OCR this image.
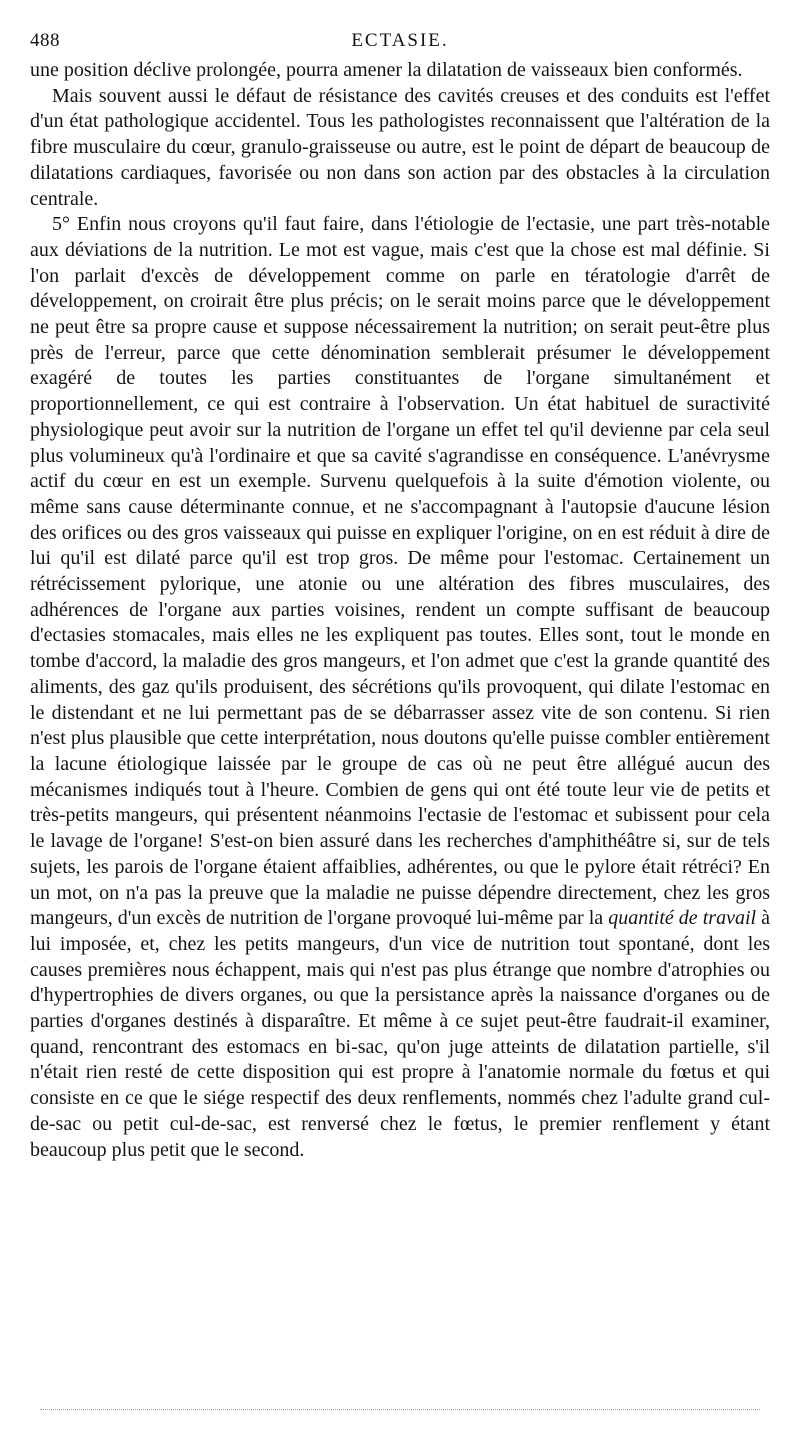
488	ECTASIE.

une position déclive prolongée, pourra amener la dilatation de vaisseaux bien conformés.

Mais souvent aussi le défaut de résistance des cavités creuses et des conduits est l'effet d'un état pathologique accidentel. Tous les pathologistes reconnaissent que l'altération de la fibre musculaire du cœur, granulo-graisseuse ou autre, est le point de départ de beaucoup de dilatations cardiaques, favorisée ou non dans son action par des obstacles à la circulation centrale.

5° Enfin nous croyons qu'il faut faire, dans l'étiologie de l'ectasie, une part très-notable aux déviations de la nutrition. Le mot est vague, mais c'est que la chose est mal définie. Si l'on parlait d'excès de développement comme on parle en tératologie d'arrêt de développement, on croirait être plus précis; on le serait moins parce que le développement ne peut être sa propre cause et suppose nécessairement la nutrition; on serait peut-être plus près de l'erreur, parce que cette dénomination semblerait présumer le développement exagéré de toutes les parties constituantes de l'organe simultanément et proportionnellement, ce qui est contraire à l'observation. Un état habituel de suractivité physiologique peut avoir sur la nutrition de l'organe un effet tel qu'il devienne par cela seul plus volumineux qu'à l'ordinaire et que sa cavité s'agrandisse en conséquence. L'anévrysme actif du cœur en est un exemple. Survenu quelquefois à la suite d'émotion violente, ou même sans cause déterminante connue, et ne s'accompagnant à l'autopsie d'aucune lésion des orifices ou des gros vaisseaux qui puisse en expliquer l'origine, on en est réduit à dire de lui qu'il est dilaté parce qu'il est trop gros. De même pour l'estomac. Certainement un rétrécissement pylorique, une atonie ou une altération des fibres musculaires, des adhérences de l'organe aux parties voisines, rendent un compte suffisant de beaucoup d'ectasies stomacales, mais elles ne les expliquent pas toutes. Elles sont, tout le monde en tombe d'accord, la maladie des gros mangeurs, et l'on admet que c'est la grande quantité des aliments, des gaz qu'ils produisent, des sécrétions qu'ils provoquent, qui dilate l'estomac en le distendant et ne lui permettant pas de se débarrasser assez vite de son contenu. Si rien n'est plus plausible que cette interprétation, nous doutons qu'elle puisse combler entièrement la lacune étiologique laissée par le groupe de cas où ne peut être allégué aucun des mécanismes indiqués tout à l'heure. Combien de gens qui ont été toute leur vie de petits et très-petits mangeurs, qui présentent néanmoins l'ectasie de l'estomac et subissent pour cela le lavage de l'organe! S'est-on bien assuré dans les recherches d'amphithéâtre si, sur de tels sujets, les parois de l'organe étaient affaiblies, adhérentes, ou que le pylore était rétréci? En un mot, on n'a pas la preuve que la maladie ne puisse dépendre directement, chez les gros mangeurs, d'un excès de nutrition de l'organe provoqué lui-même par la quantité de travail à lui imposée, et, chez les petits mangeurs, d'un vice de nutrition tout spontané, dont les causes premières nous échappent, mais qui n'est pas plus étrange que nombre d'atrophies ou d'hypertrophies de divers organes, ou que la persistance après la naissance d'organes ou de parties d'organes destinés à disparaître. Et même à ce sujet peut-être faudrait-il examiner, quand, rencontrant des estomacs en bi-sac, qu'on juge atteints de dilatation partielle, s'il n'était rien resté de cette disposition qui est propre à l'anatomie normale du fœtus et qui consiste en ce que le siége respectif des deux renflements, nommés chez l'adulte grand cul-de-sac ou petit cul-de-sac, est renversé chez le fœtus, le premier renflement y étant beaucoup plus petit que le second.
